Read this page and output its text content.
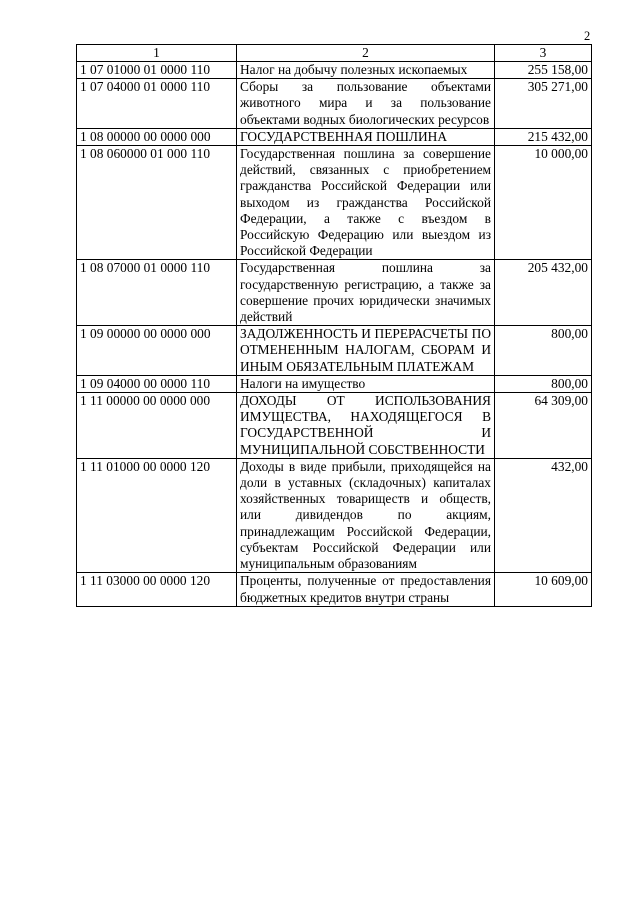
2
1	2	3
1 07 01000 01 0000 110	Налог на добычу полезных ископаемых	255 158,00
1 07 04000 01 0000 110	Сборы за пользование объектами животного мира и за пользование объектами водных биологических ресурсов	305 271,00
1 08 00000 00 0000 000	ГОСУДАРСТВЕННАЯ ПОШЛИНА	215 432,00
1 08 060000 01 000 110	Государственная пошлина за совершение действий, связанных с приобретением гражданства Российской Федерации или выходом из гражданства Российской Федерации, а также с въездом в Российскую Федерацию или выездом из Российской Федерации	10 000,00
1 08 07000 01 0000 110	Государственная пошлина за государственную регистрацию, а также за совершение прочих юридически значимых действий	205 432,00
1 09 00000 00 0000 000	ЗАДОЛЖЕННОСТЬ И ПЕРЕРАСЧЕТЫ ПО ОТМЕНЕННЫМ НАЛОГАМ, СБОРАМ И ИНЫМ ОБЯЗАТЕЛЬНЫМ ПЛАТЕЖАМ	800,00
1 09 04000 00 0000 110	Налоги на имущество	800,00
1 11 00000 00 0000 000	ДОХОДЫ ОТ ИСПОЛЬЗОВАНИЯ ИМУЩЕСТВА, НАХОДЯЩЕГОСЯ В ГОСУДАРСТВЕННОЙ И МУНИЦИПАЛЬНОЙ СОБСТВЕННОСТИ	64 309,00
1 11 01000 00 0000 120	Доходы в виде прибыли, приходящейся на доли в уставных (складочных) капиталах хозяйственных товариществ и обществ, или дивидендов по акциям, принадлежащим Российской Федерации, субъектам Российской Федерации или муниципальным образованиям	432,00
1 11 03000 00 0000 120	Проценты, полученные от предоставления бюджетных кредитов внутри страны	10 609,00
